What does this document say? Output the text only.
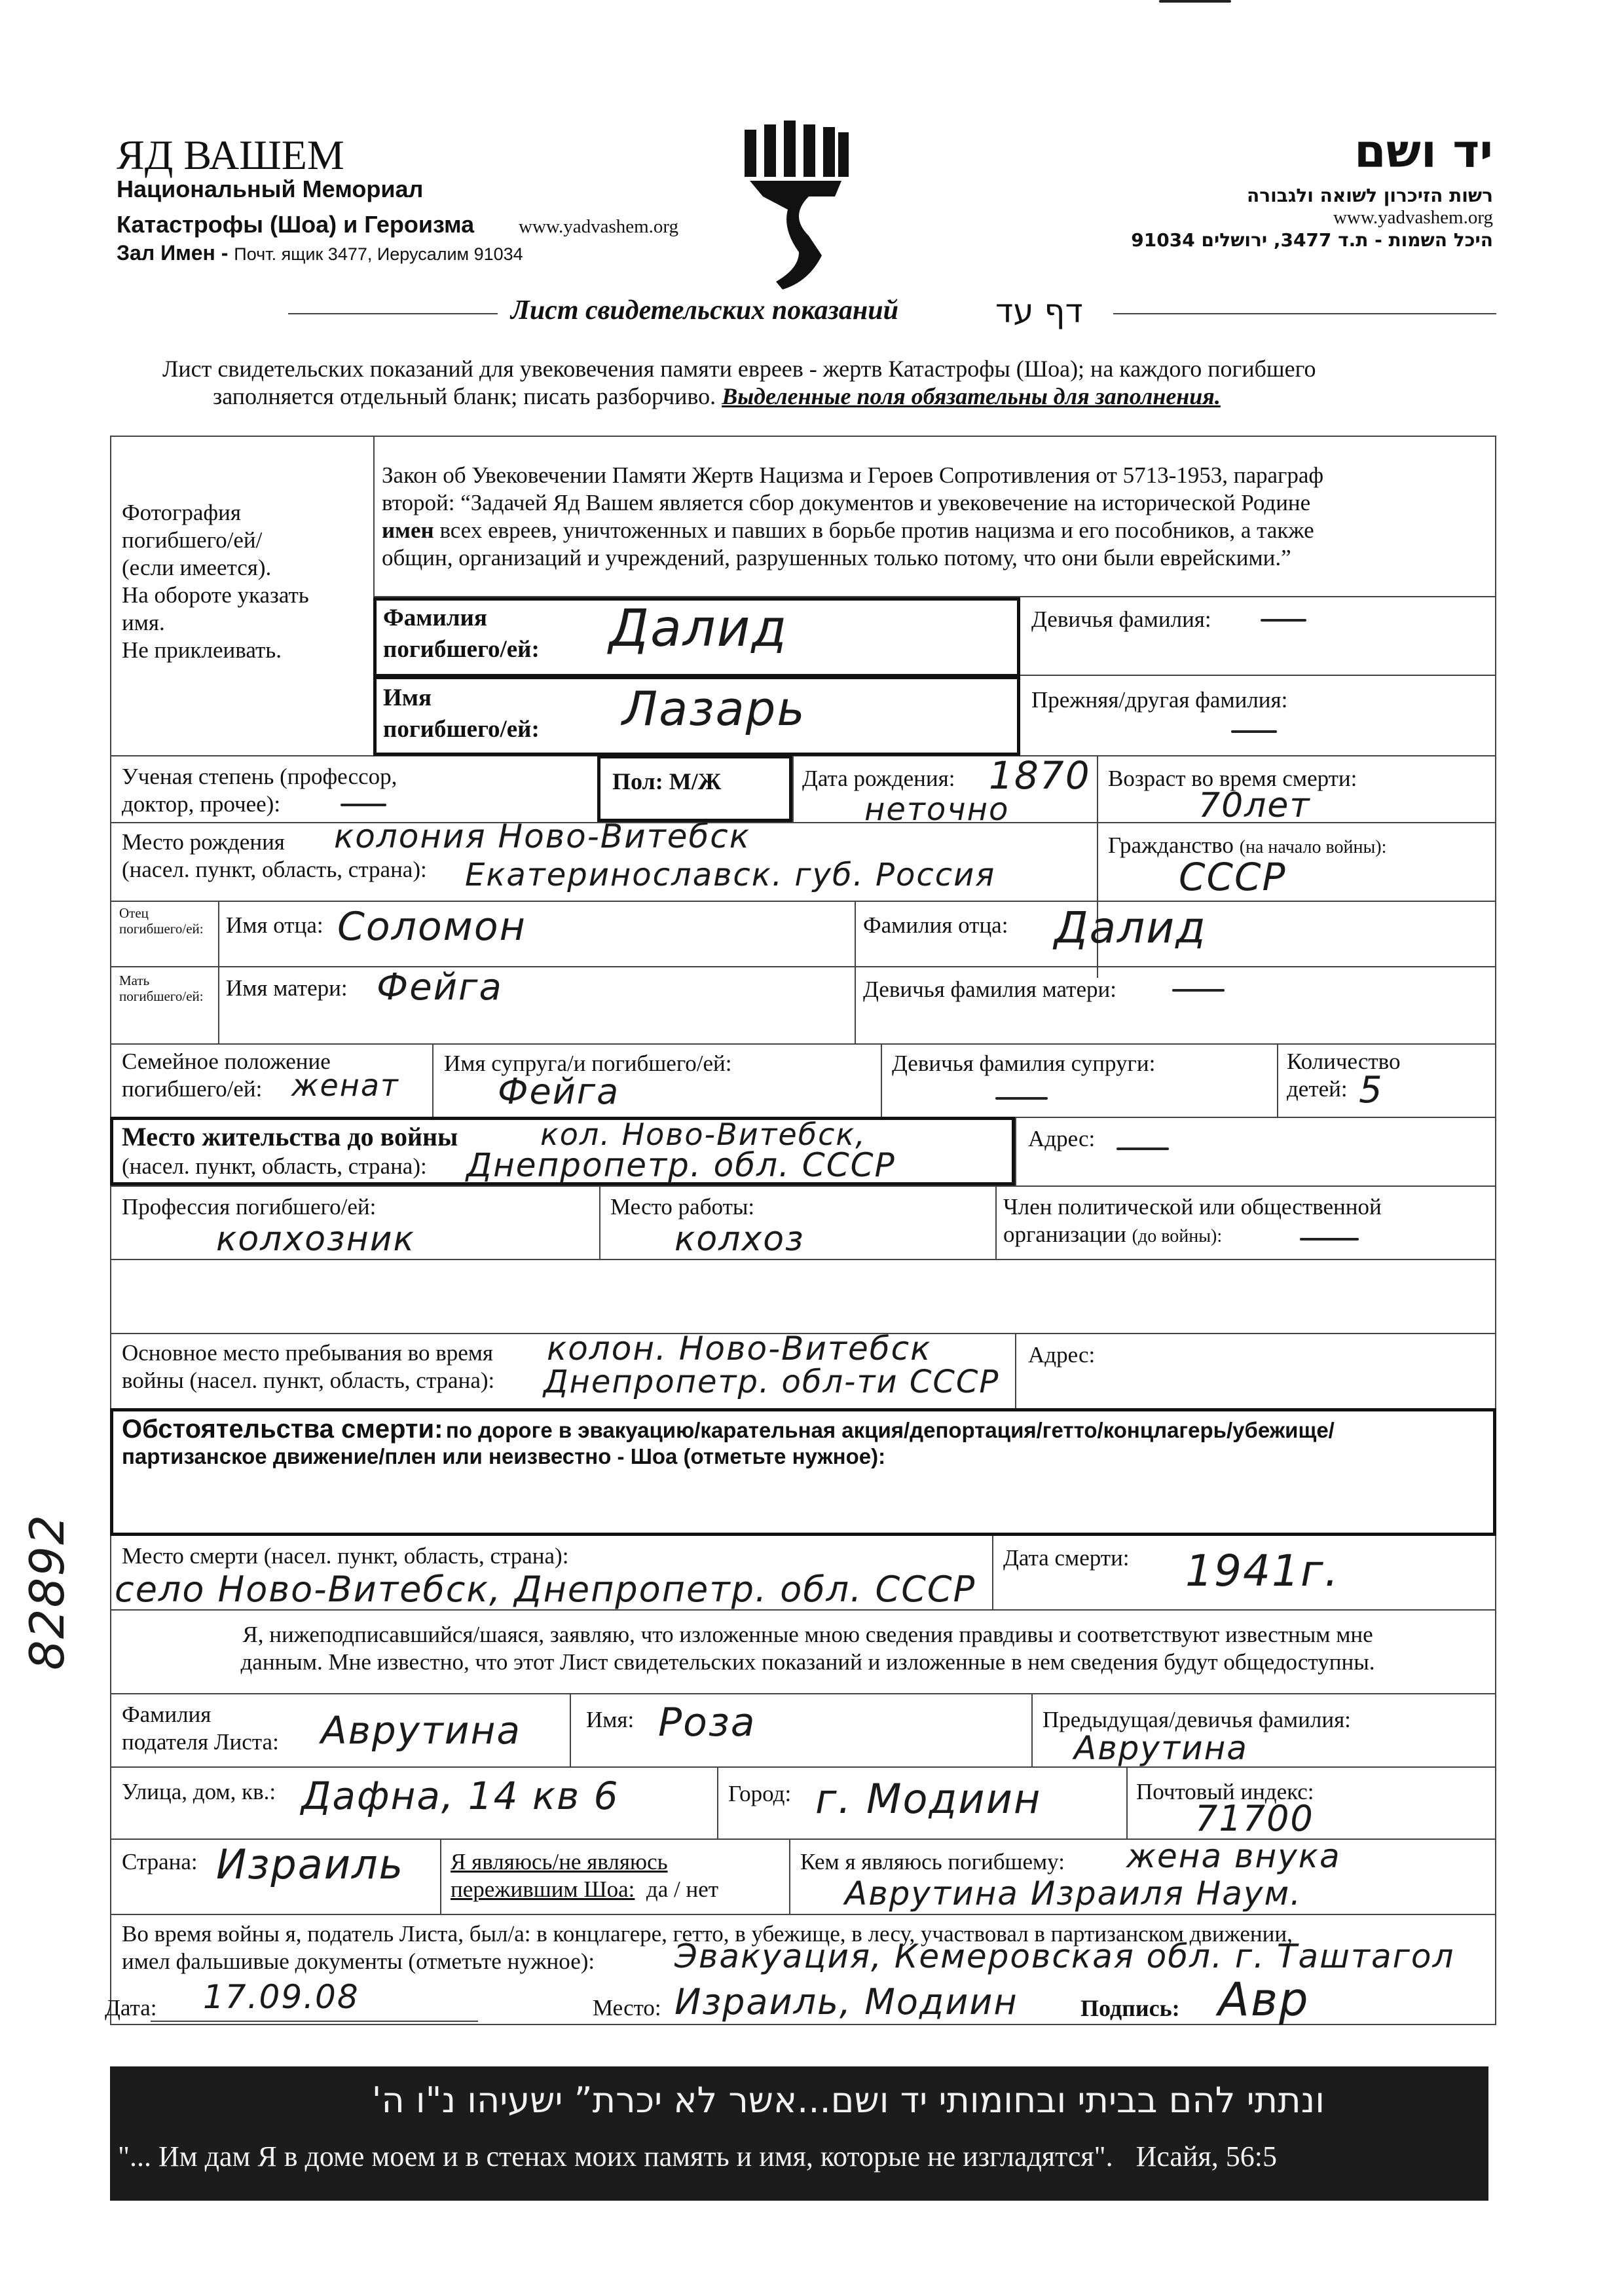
ЯД ВАШЕМ
Национальный Мемориал
Катастрофы (Шоа) и Героизма www.yadvashem.org
Зал Имен - Почт. ящик 3477, Иерусалим 91034
יד ושם
רשות הזיכרון לשואה ולגבורה
www.yadvashem.org
היכל השמות - ת.ד 3477, ירושלים 91034
Лист свидетельских показаний	דף עד
Лист свидетельских показаний для увековечения памяти евреев - жертв Катастрофы (Шоа); на каждого погибшего
заполняется отдельный бланк; писать разборчиво. Выделенные поля обязательны для заполнения.
Фотография
погибшего/ей/
(если имеется).
На обороте указать
имя.
Не приклеивать.
Закон об Увековечении Памяти Жертв Нацизма и Героев Сопротивления от 5713-1953, параграф
второй: “Задачей Яд Вашем является сбор документов и увековечение на исторической Родине
имен всех евреев, уничтоженных и павших в борьбе против нацизма и его пособников, а также
общин, организаций и учреждений, разрушенных только потому, что они были еврейскими.”
Фамилия
погибшего/ей: Далид	Девичья фамилия:
Имя
погибшего/ей: Лазарь	Прежняя/другая фамилия:
Ученая степень (профессор,
доктор, прочее):
Пол: М/Ж	Дата рождения: 1870
неточно
Возраст во время смерти:
70лет
Место рождения
(насел. пункт, область, страна):
колония Ново-Витебск
Екатеринославск. губ. Россия
Гражданство (на начало войны):
СССР
Отец погибшего/ей: Имя отца: Соломон	Фамилия отца: Далид
Мать погибшего/ей: Имя матери: Фейга	Девичья фамилия матери:
Семейное положение
погибшего/ей: женат
Имя супруга/и погибшего/ей:
Фейга
Девичья фамилия супруги:	Количество
детей: 5
Место жительства до войны
(насел. пункт, область, страна):
кол. Ново-Витебск,
Днепропетр. обл. СССР
Адрес:
Профессия погибшего/ей:
колхозник
Место работы:
колхоз
Член политической или общественной
организации (до войны):
Основное место пребывания во время
войны (насел. пункт, область, страна):
колон. Ново-Витебск
Днепропетр. обл-ти СССР
Адрес:
Обстоятельства смерти: по дороге в эвакуацию/карательная акция/депортация/гетто/концлагерь/убежище/
партизанское движение/плен или неизвестно - Шоа (отметьте нужное):
Место смерти (насел. пункт, область, страна):
село Ново-Витебск, Днепропетр. обл. СССР
Дата смерти: 1941г.
Я, нижеподписавшийся/шаяся, заявляю, что изложенные мною сведения правдивы и соответствуют известным мне
данным. Мне известно, что этот Лист свидетельских показаний и изложенные в нем сведения будут общедоступны.
Фамилия
подателя Листа: Аврутина	Имя: Роза	Предыдущая/девичья фамилия:
Аврутина
Улица, дом, кв.: Дафна, 14 кв 6	Город: г. Модиин	Почтовый индекс:
71700
Страна: Израиль Я являюсь/не являюсь
пережившим Шоа: да / нет
Кем я являюсь погибшему: жена внука
Аврутина Израиля Наум.
Во время войны я, податель Листа, был/а: в концлагере, гетто, в убежище, в лесу, участвовал в партизанском движении,
имел фальшивые документы (отметьте нужное):	Эвакуация, Кемеровская обл. г. Таштагол
Дата: 17.09.08	Место: Израиль, Модиин	Подпись: Авр
82892
ונתתי להם בביתי ובחומותי יד ושם...אשר לא יכרת” ישעיהו נ"ו ה'
"... Им дам Я в доме моем и в стенах моих память и имя, которые не изгладятся". Исайя, 56:5
